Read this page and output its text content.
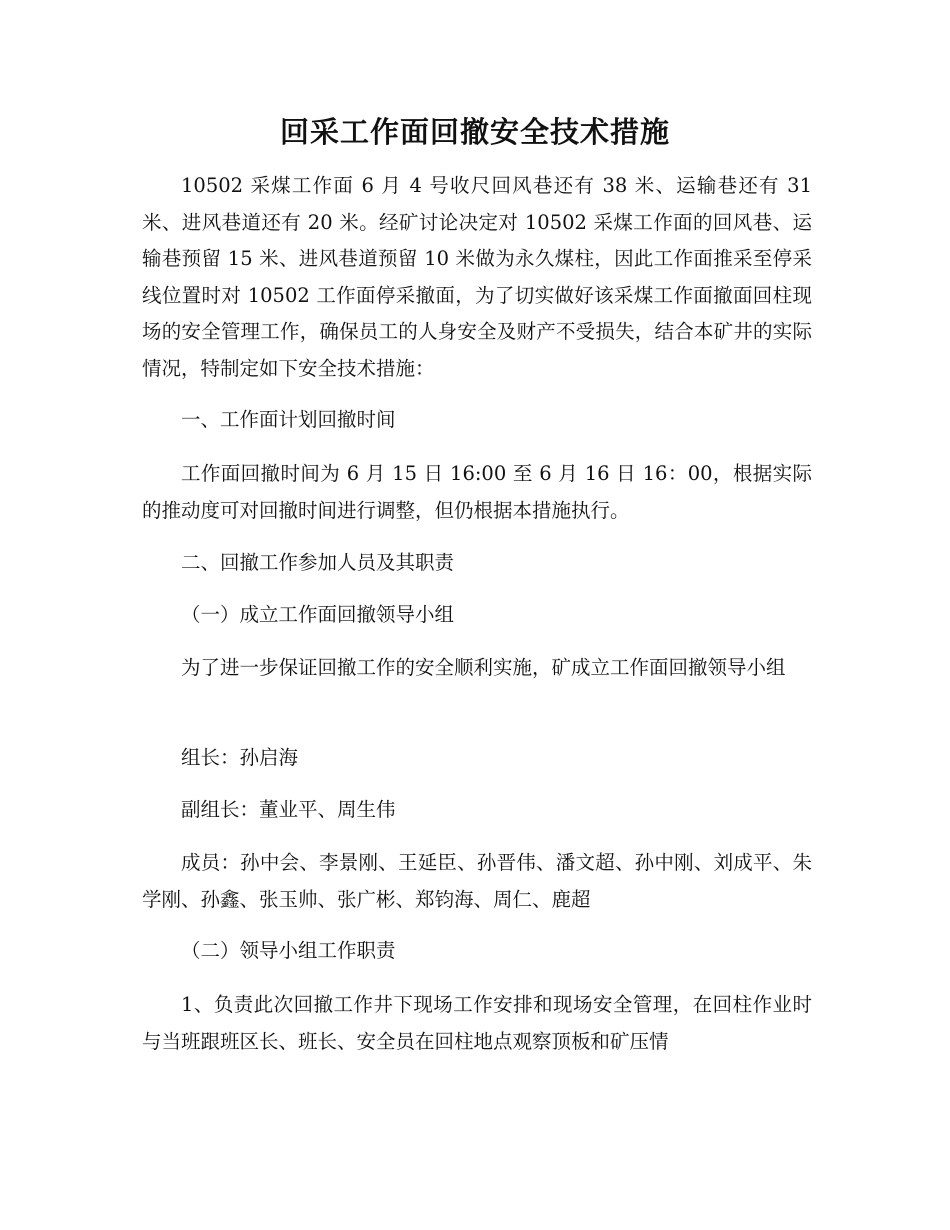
回采工作面回撤安全技术措施

10502 采煤工作面 6 月 4 号收尺回风巷还有 38 米、运输巷还有 31 米、进风巷道还有 20 米。经矿讨论决定对 10502 采煤工作面的回风巷、运输巷预留 15 米、进风巷道预留 10 米做为永久煤柱，因此工作面推采至停采线位置时对 10502 工作面停采撤面，为了切实做好该采煤工作面撤面回柱现场的安全管理工作，确保员工的人身安全及财产不受损失，结合本矿井的实际情况，特制定如下安全技术措施：

一、工作面计划回撤时间

工作面回撤时间为 6 月 15 日 16:00 至 6 月 16 日 16：00，根据实际的推动度可对回撤时间进行调整，但仍根据本措施执行。

二、回撤工作参加人员及其职责

（一）成立工作面回撤领导小组

为了进一步保证回撤工作的安全顺利实施，矿成立工作面回撤领导小组

组长：孙启海

副组长：董业平、周生伟

成员：孙中会、李景刚、王延臣、孙晋伟、潘文超、孙中刚、刘成平、朱学刚、孙鑫、张玉帅、张广彬、郑钧海、周仁、鹿超

（二）领导小组工作职责

1、负责此次回撤工作井下现场工作安排和现场安全管理，在回柱作业时与当班跟班区长、班长、安全员在回柱地点观察顶板和矿压情
